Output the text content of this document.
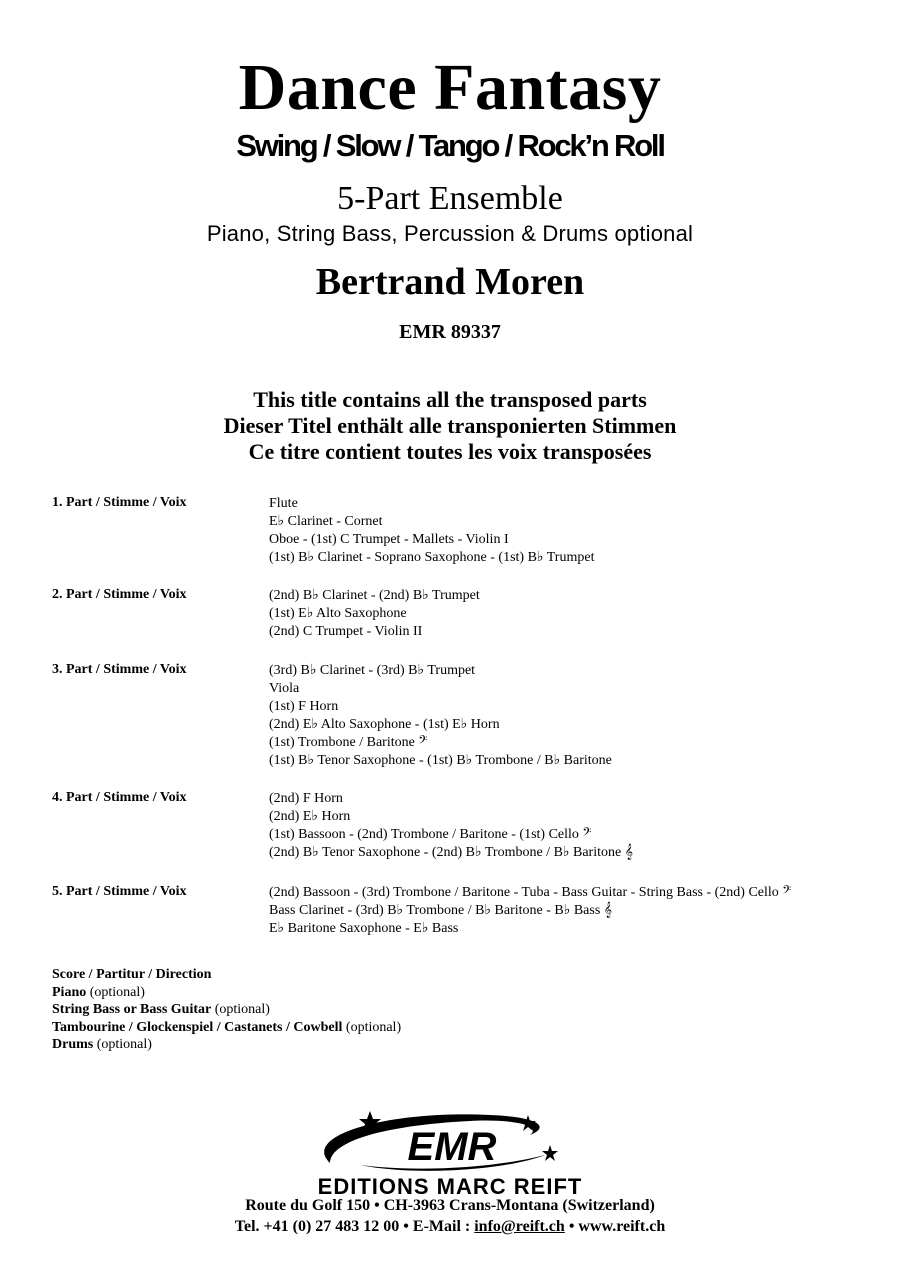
Dance Fantasy
Swing / Slow / Tango / Rock’n Roll
5-Part Ensemble
Piano, String Bass, Percussion & Drums optional
Bertrand Moren
EMR 89337
This title contains all the transposed parts
Dieser Titel enthält alle transponierten Stimmen
Ce titre contient toutes les voix transposées
1. Part / Stimme / Voix	Flute
E♭ Clarinet - Cornet
Oboe - (1st) C Trumpet - Mallets - Violin I
(1st) B♭ Clarinet - Soprano Saxophone - (1st) B♭ Trumpet
2. Part / Stimme / Voix	(2nd) B♭ Clarinet - (2nd) B♭ Trumpet
(1st) E♭ Alto Saxophone
(2nd) C Trumpet - Violin II
3. Part / Stimme / Voix	(3rd) B♭ Clarinet - (3rd) B♭ Trumpet
Viola
(1st) F Horn
(2nd) E♭ Alto Saxophone - (1st) E♭ Horn
(1st) Trombone / Baritone 𝄢
(1st) B♭ Tenor Saxophone - (1st) B♭ Trombone / B♭ Baritone
4. Part / Stimme / Voix	(2nd) F Horn
(2nd) E♭ Horn
(1st) Bassoon - (2nd) Trombone / Baritone - (1st) Cello 𝄢
(2nd) B♭ Tenor Saxophone - (2nd) B♭ Trombone / B♭ Baritone 𝄞
5. Part / Stimme / Voix	(2nd) Bassoon - (3rd) Trombone / Baritone - Tuba - Bass Guitar - String Bass - (2nd) Cello 𝄢
Bass Clarinet - (3rd) B♭ Trombone / B♭ Baritone - B♭ Bass 𝄞
E♭ Baritone Saxophone - E♭ Bass
Score / Partitur / Direction
Piano (optional)
String Bass or Bass Guitar (optional)
Tambourine / Glockenspiel / Castanets / Cowbell (optional)
Drums (optional)
EMR
EDITIONS MARC REIFT
Route du Golf 150 • CH-3963 Crans-Montana (Switzerland)
Tel. +41 (0) 27 483 12 00 • E-Mail : info@reift.ch • www.reift.ch
